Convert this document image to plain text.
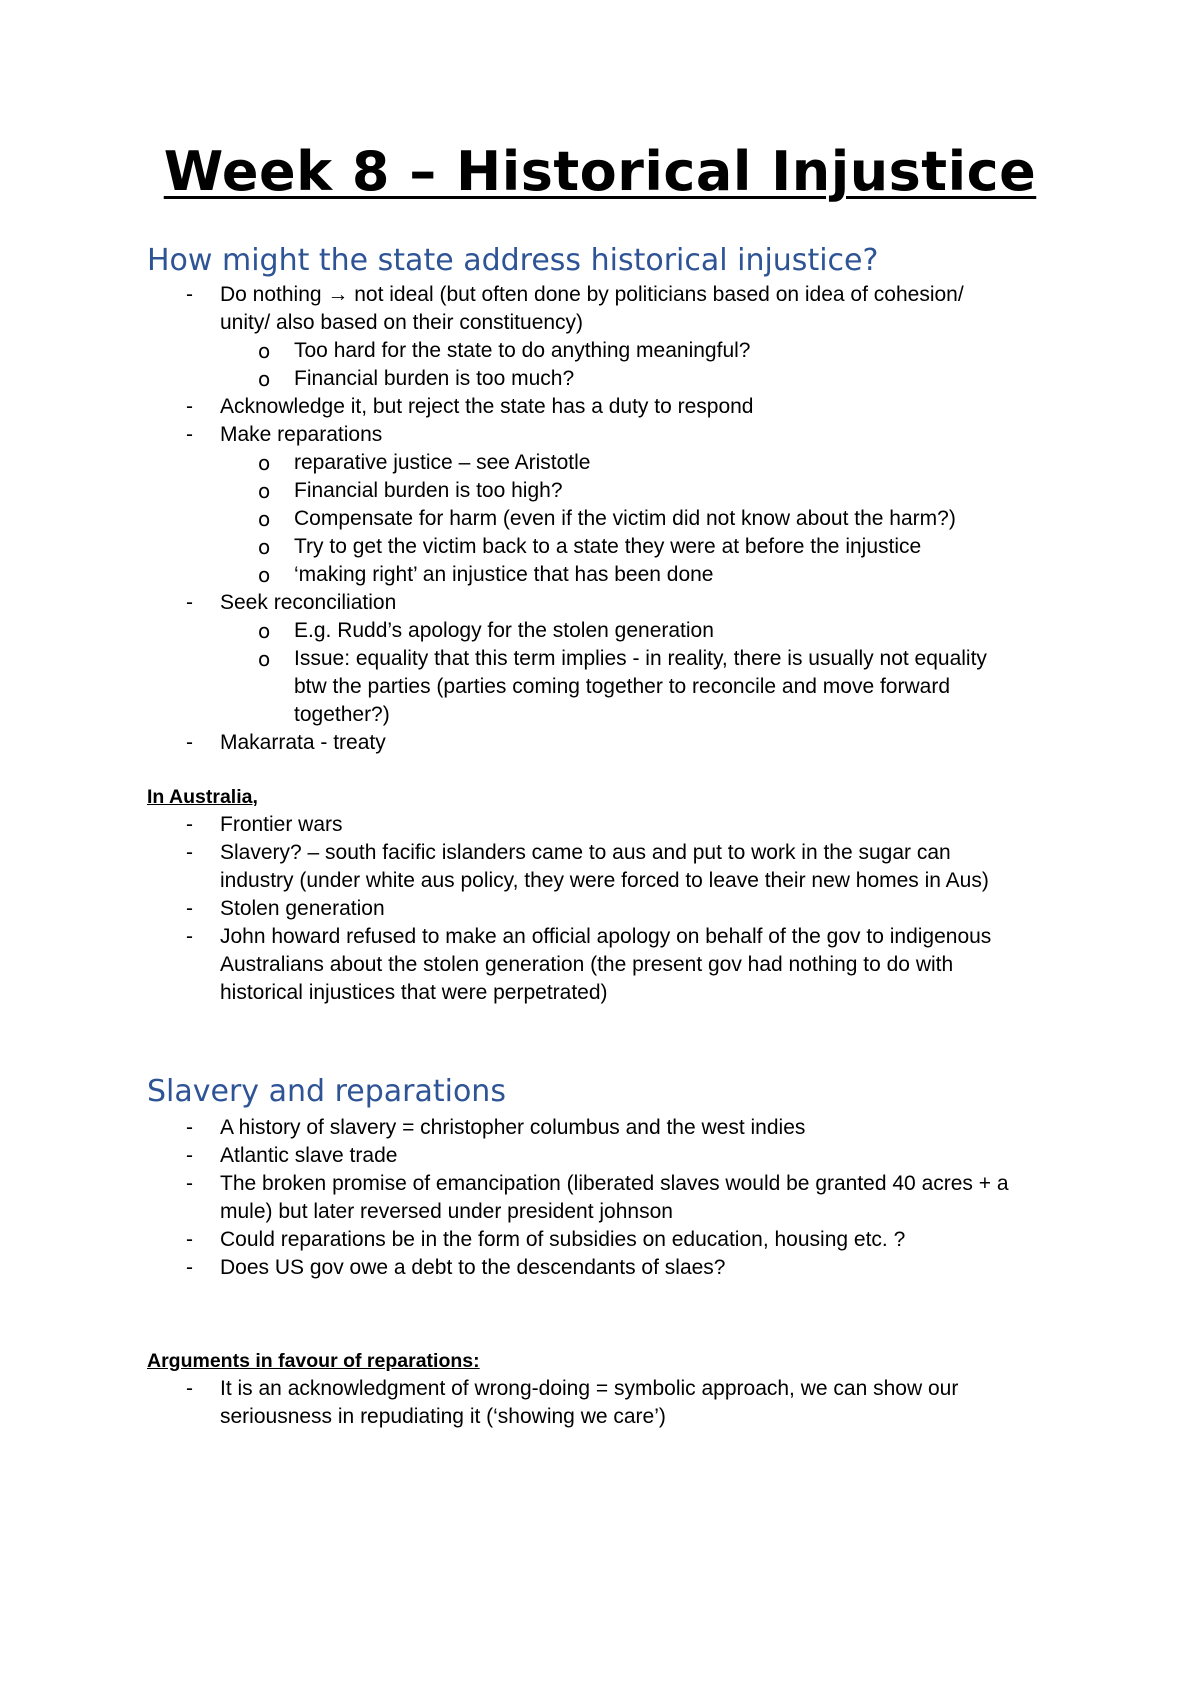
Week 8 – Historical Injustice
How might the state address historical injustice?
- Do nothing → not ideal (but often done by politicians based on idea of cohesion/
unity/ also based on their constituency)
o Too hard for the state to do anything meaningful?
o Financial burden is too much?
- Acknowledge it, but reject the state has a duty to respond
- Make reparations
o reparative justice – see Aristotle
o Financial burden is too high?
o Compensate for harm (even if the victim did not know about the harm?)
o Try to get the victim back to a state they were at before the injustice
o ‘making right’ an injustice that has been done
- Seek reconciliation
o E.g. Rudd’s apology for the stolen generation
o Issue: equality that this term implies - in reality, there is usually not equality
btw the parties (parties coming together to reconcile and move forward
together?)
- Makarrata - treaty
In Australia,
- Frontier wars
- Slavery? – south facific islanders came to aus and put to work in the sugar can
industry (under white aus policy, they were forced to leave their new homes in Aus)
- Stolen generation
- John howard refused to make an official apology on behalf of the gov to indigenous
Australians about the stolen generation (the present gov had nothing to do with
historical injustices that were perpetrated)
Slavery and reparations
- A history of slavery = christopher columbus and the west indies
- Atlantic slave trade
- The broken promise of emancipation (liberated slaves would be granted 40 acres + a
mule) but later reversed under president johnson
- Could reparations be in the form of subsidies on education, housing etc. ?
- Does US gov owe a debt to the descendants of slaes?
Arguments in favour of reparations:
- It is an acknowledgment of wrong-doing = symbolic approach, we can show our
seriousness in repudiating it (‘showing we care’)
